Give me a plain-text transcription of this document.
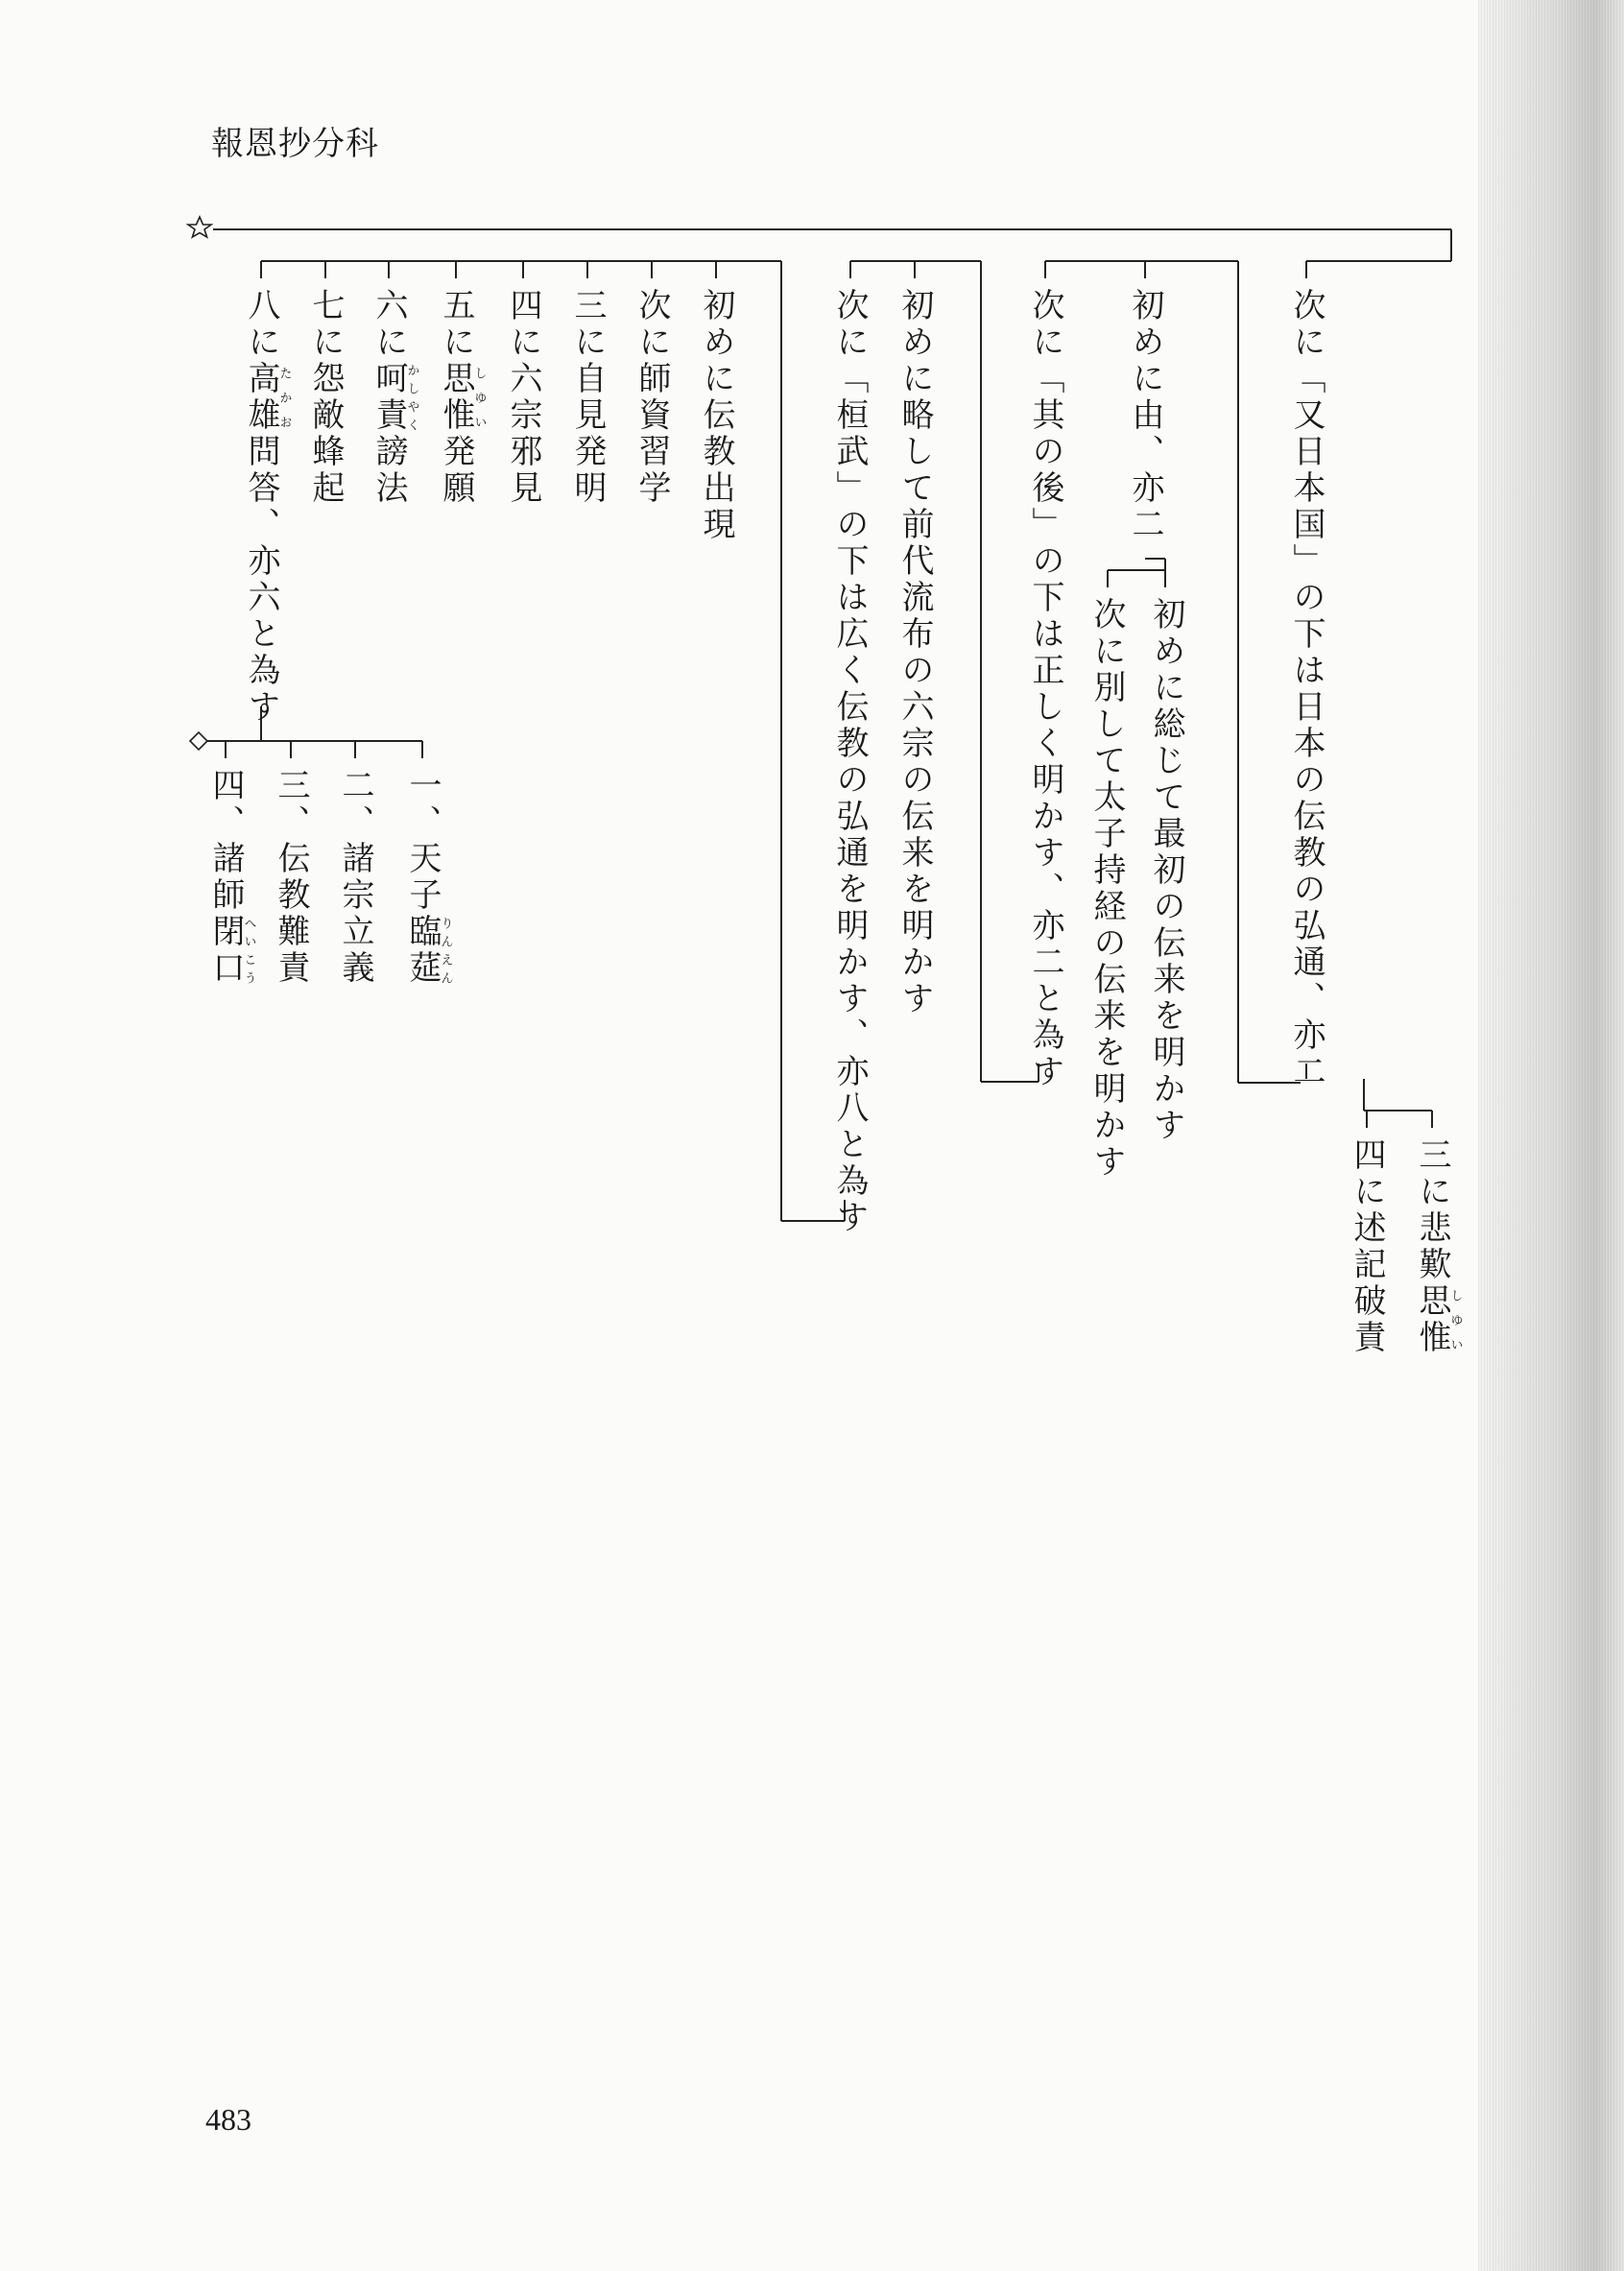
報恩抄分科
次に「又日本国」の下は日本の伝教の弘通、亦二
初めに由、亦二
初めに総じて最初の伝来を明かす
次に別して太子持経の伝来を明かす
次に「其の後」の下は正しく明かす、亦二と為す
初めに略して前代流布の六宗の伝来を明かす
次に「桓武」の下は広く伝教の弘通を明かす、亦八と為す
初めに伝教出現
次に師資習学
三に自見発明
四に六宗邪見
五に思惟しゆい発願
六に呵責かしやく謗法
七に怨敵蜂起
八に高雄たかお問答、亦六と為す
一、天子臨莚りんえん
二、諸宗立義
三、伝教難責
四、諸師閉口へいこう
三に悲歎思惟しゆい
四に述記破責
483
